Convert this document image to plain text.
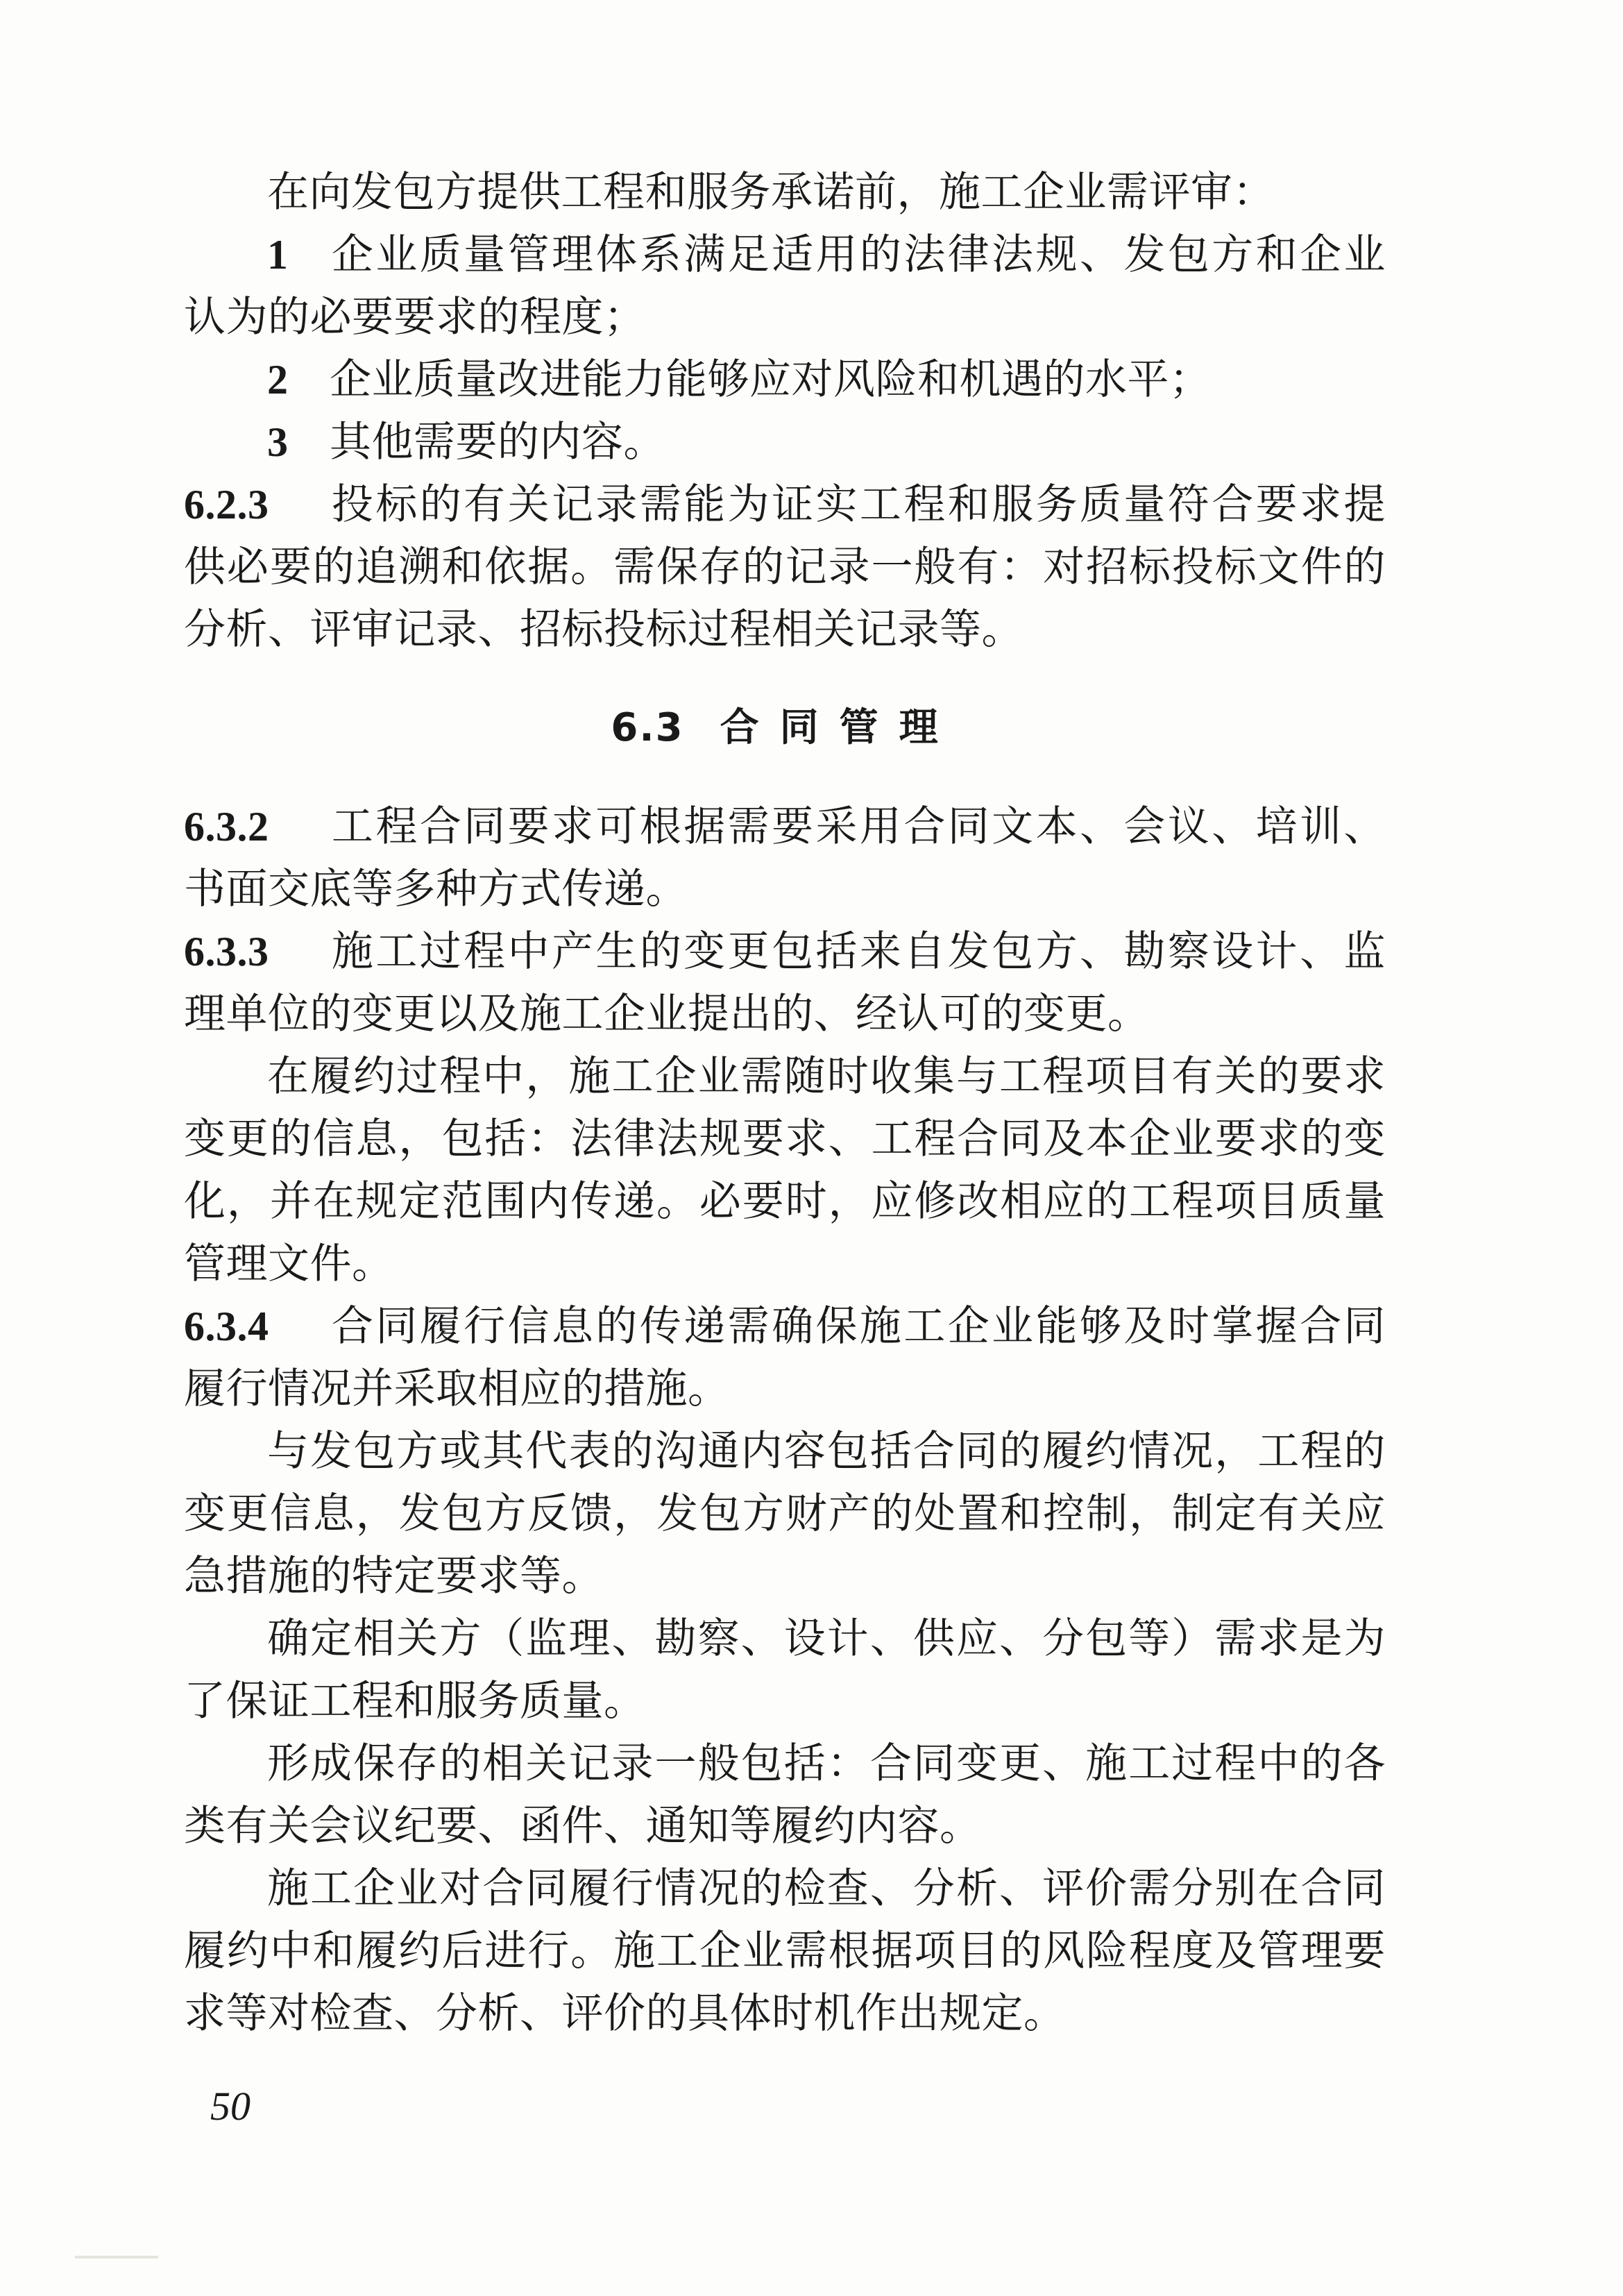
在向发包方提供工程和服务承诺前，施工企业需评审：
1 企业质量管理体系满足适用的法律法规、发包方和企业
认为的必要要求的程度；
2 企业质量改进能力能够应对风险和机遇的水平；
3 其他需要的内容。
6.2.3 投标的有关记录需能为证实工程和服务质量符合要求提
供必要的追溯和依据。需保存的记录一般有：对招标投标文件的
分析、评审记录、招标投标过程相关记录等。
6.3 合同管理
6.3.2 工程合同要求可根据需要采用合同文本、会议、培训、
书面交底等多种方式传递。
6.3.3 施工过程中产生的变更包括来自发包方、勘察设计、监
理单位的变更以及施工企业提出的、经认可的变更。
在履约过程中，施工企业需随时收集与工程项目有关的要求
变更的信息，包括：法律法规要求、工程合同及本企业要求的变
化，并在规定范围内传递。必要时，应修改相应的工程项目质量
管理文件。
6.3.4 合同履行信息的传递需确保施工企业能够及时掌握合同
履行情况并采取相应的措施。
与发包方或其代表的沟通内容包括合同的履约情况，工程的
变更信息，发包方反馈，发包方财产的处置和控制，制定有关应
急措施的特定要求等。
确定相关方（监理、勘察、设计、供应、分包等）需求是为
了保证工程和服务质量。
形成保存的相关记录一般包括：合同变更、施工过程中的各
类有关会议纪要、函件、通知等履约内容。
施工企业对合同履行情况的检查、分析、评价需分别在合同
履约中和履约后进行。施工企业需根据项目的风险程度及管理要
求等对检查、分析、评价的具体时机作出规定。
50
